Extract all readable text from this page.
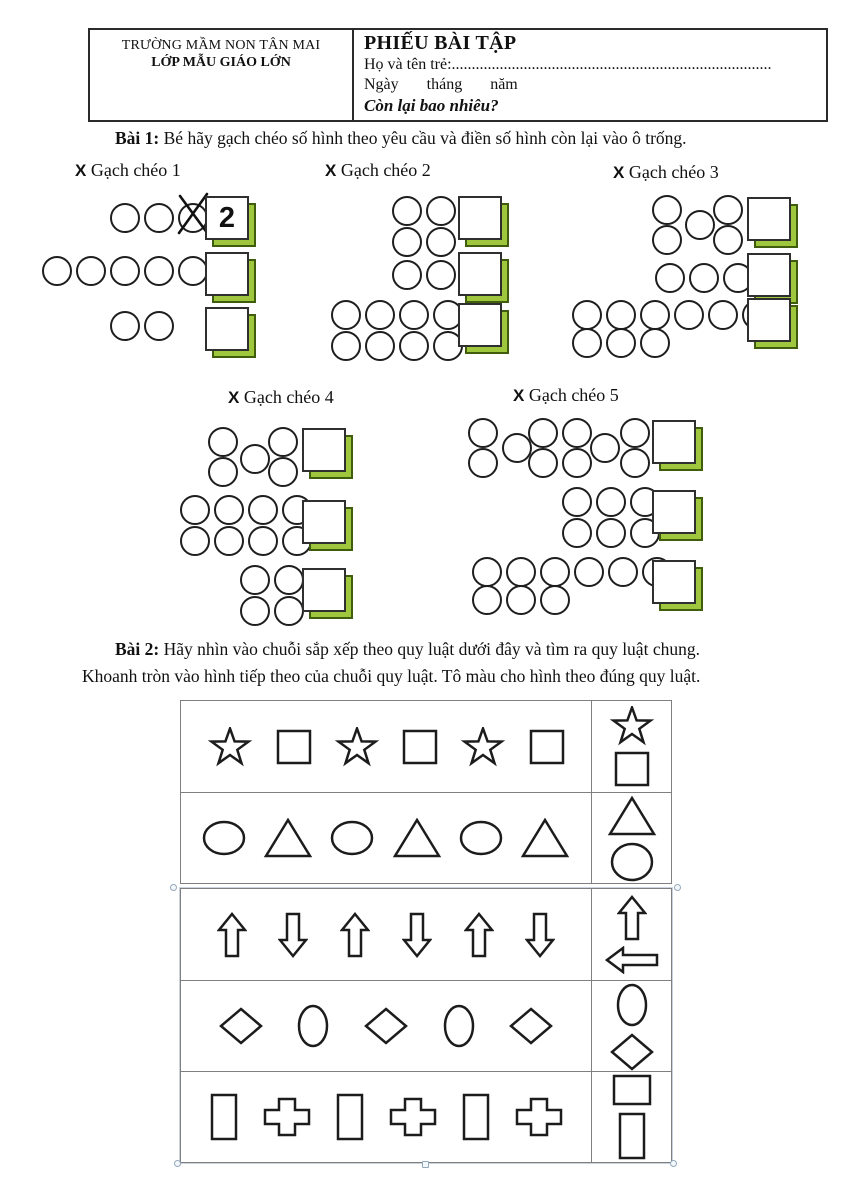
TRƯỜNG MẦM NON TÂN MAI
LỚP MẪU GIÁO LỚN
PHIẾU BÀI TẬP
Họ và tên trẻ:................................................................................
Ngày tháng năm
Còn lại bao nhiêu?
Bài 1: Bé hãy gạch chéo số hình theo yêu cầu và điền số hình còn lại vào ô trống.
X Gạch chéo 1
2
X Gạch chéo 2	X Gạch chéo 3
X Gạch chéo 4	X Gạch chéo 5
Bài 2: Hãy nhìn vào chuỗi sắp xếp theo quy luật dưới đây và tìm ra quy luật chung.
Khoanh tròn vào hình tiếp theo của chuỗi quy luật. Tô màu cho hình theo đúng quy luật.
